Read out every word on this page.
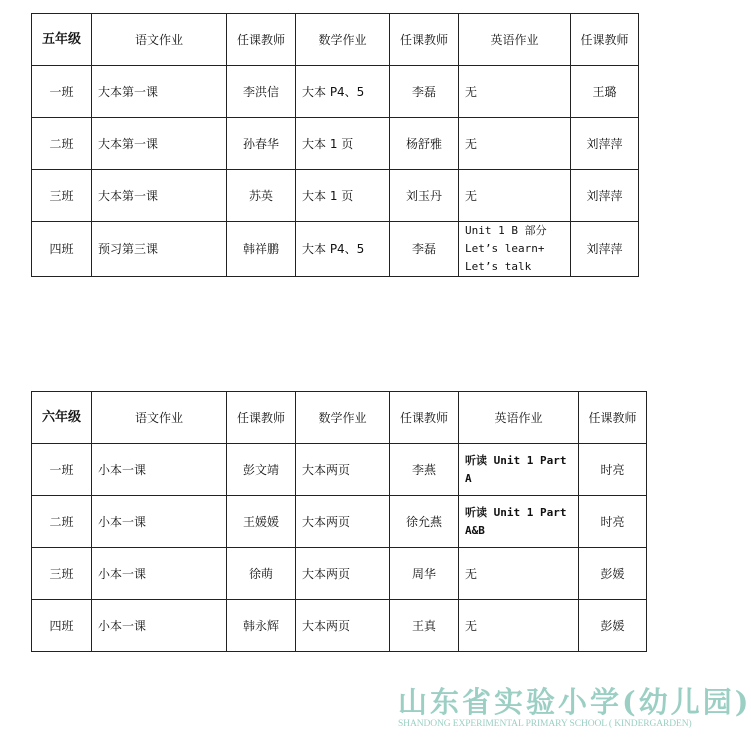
五年级	语文作业	任课教师	数学作业	任课教师	英语作业	任课教师
一班	大本第一课	李洪信	大本 P4、5	李磊	无	王璐
二班	大本第一课	孙春华	大本 1 页	杨舒雅	无	刘萍萍
三班	大本第一课	苏英	大本 1 页	刘玉丹	无	刘萍萍
四班	预习第三课	韩祥鹏	大本 P4、5	李磊	Unit 1 B 部分
Let’s learn+
Let’s talk	刘萍萍
六年级	语文作业	任课教师	数学作业	任课教师	英语作业	任课教师
一班	小本一课	彭文靖	大本两页	李燕	听读 Unit 1 Part A	时亮
二班	小本一课	王媛媛	大本两页	徐允燕	听读 Unit 1 Part A&B	时亮
三班	小本一课	徐萌	大本两页	周华	无	彭媛
四班	小本一课	韩永辉	大本两页	王真	无	彭媛
山东省实验小学(幼儿园)
SHANDONG EXPERIMENTAL PRIMARY SCHOOL ( KINDERGARDEN)
